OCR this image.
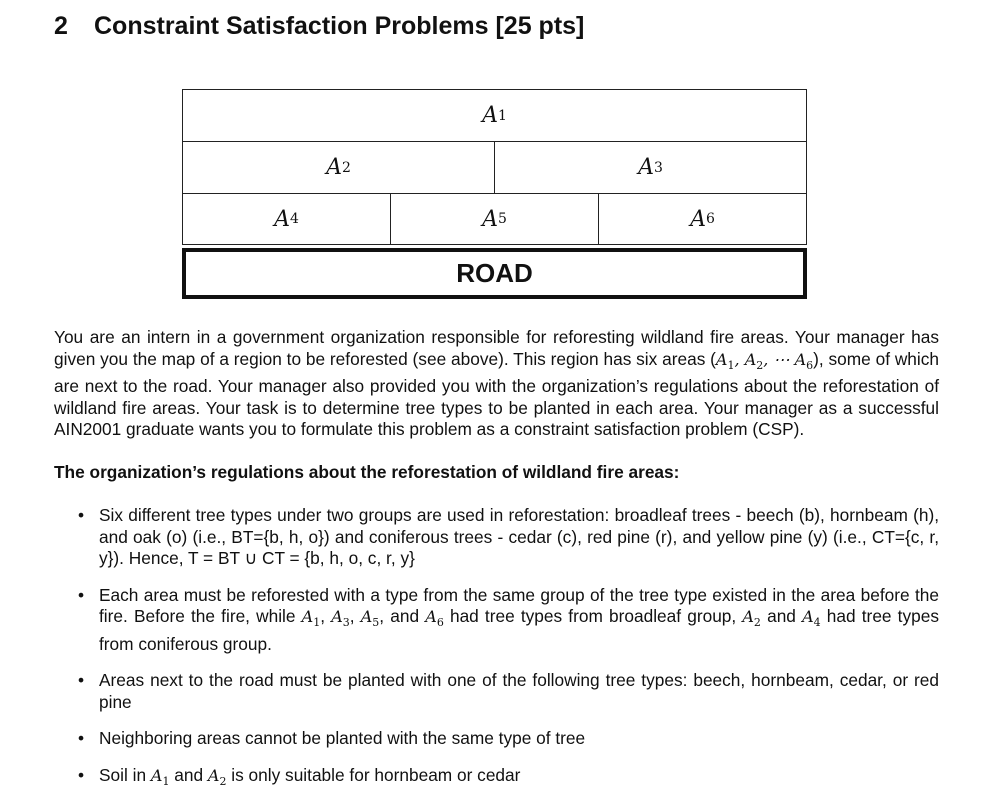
2 Constraint Satisfaction Problems [25 pts]
A 1
A 2	A 3
A 4	A 5	A 6
ROAD

You are an intern in a government organization responsible for reforesting wildland fire areas. Your manager has given you the map of a region to be reforested (see above). This region has six areas ($A_1$, $A_2$, ⋯ $A_6$), some of which are next to the road. Your manager also provided you with the organization’s regulations about the reforestation of wildland fire areas. Your task is to determine tree types to be planted in each area. Your manager as a successful AIN2001 graduate wants you to formulate this problem as a constraint satisfaction problem (CSP).

The organization’s regulations about the reforestation of wildland fire areas:

• Six different tree types under two groups are used in reforestation: broadleaf trees - beech (b), hornbeam (h), and oak (o) (i.e., BT={b, h, o}) and coniferous trees - cedar (c), red pine (r), and yellow pine (y) (i.e., CT={c, r, y}). Hence, T = BT ∪ CT = {b, h, o, c, r, y}
• Each area must be reforested with a type from the same group of the tree type existed in the area before the fire. Before the fire, while $A_1$, $A_3$, $A_5$, and $A_6$ had tree types from broadleaf group, $A_2$ and $A_4$ had tree types from coniferous group.
• Areas next to the road must be planted with one of the following tree types: beech, hornbeam, cedar, or red pine
• Neighboring areas cannot be planted with the same type of tree
• Soil in $A_1$ and $A_2$ is only suitable for hornbeam or cedar
